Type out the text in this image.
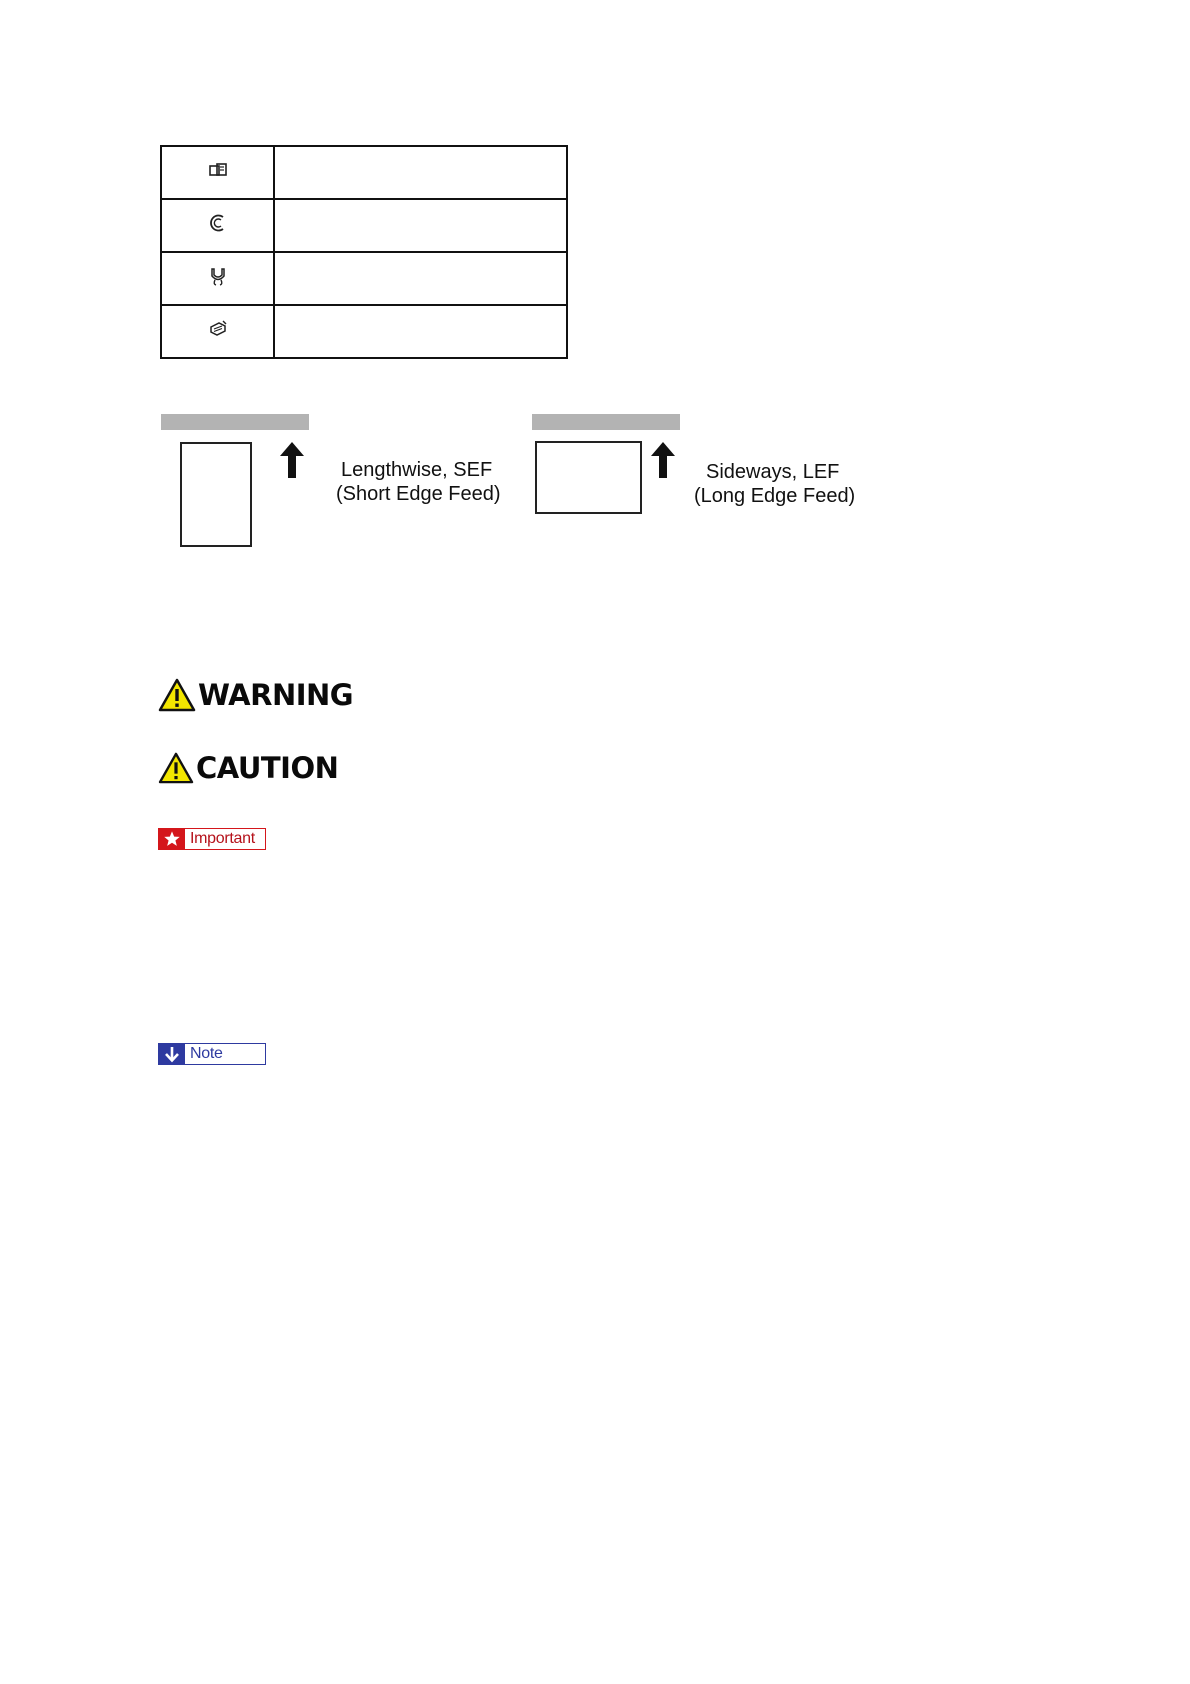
Lengthwise, SEF
(Short Edge Feed)
Sideways, LEF
(Long Edge Feed)
WARNING
CAUTION
Important
Note
